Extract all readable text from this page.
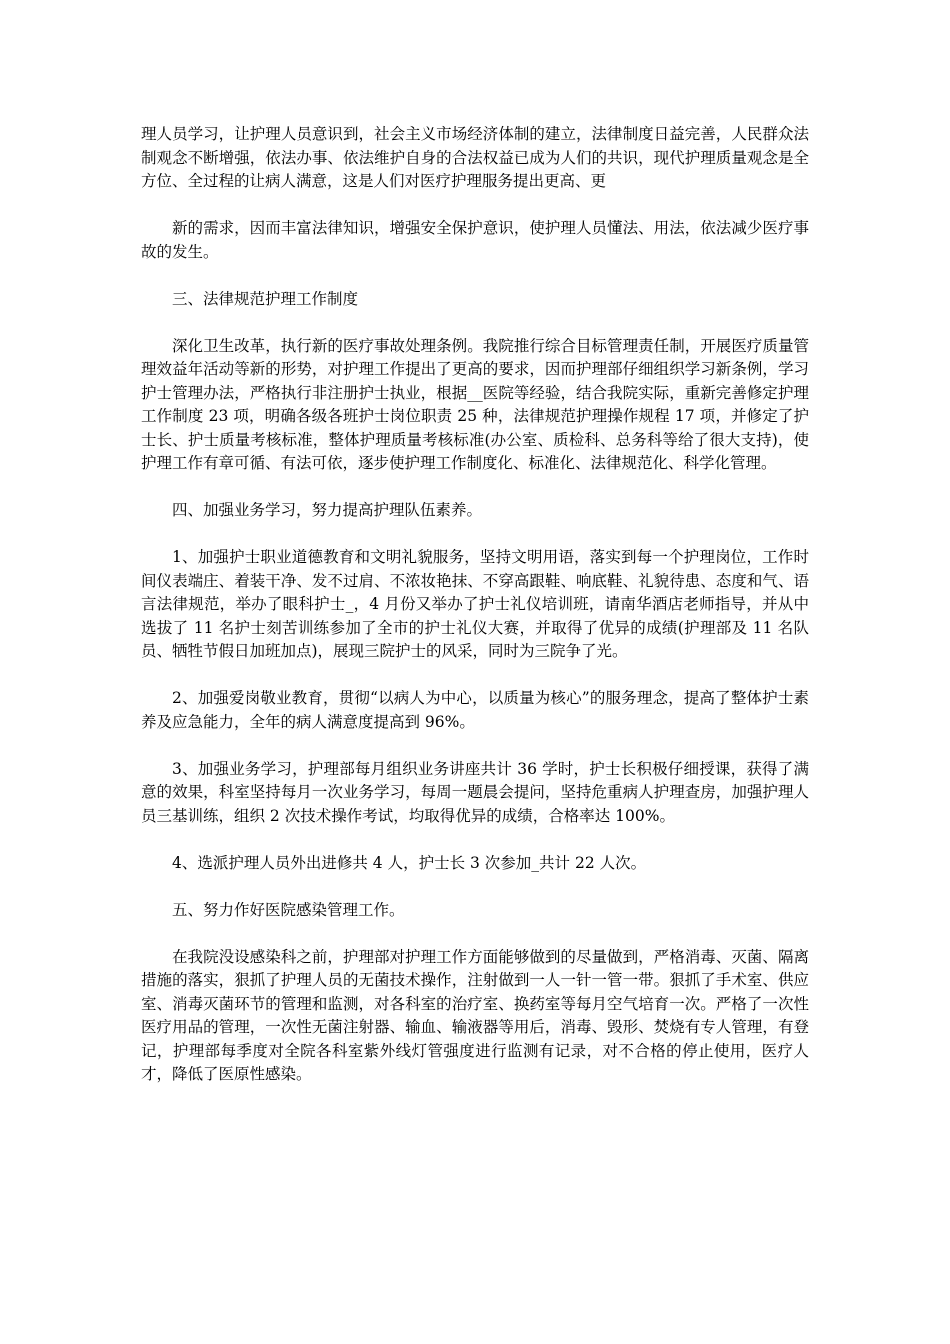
理人员学习，让护理人员意识到，社会主义市场经济体制的建立，法律制度日益完善，人民群众法制观念不断增强，依法办事、依法维护自身的合法权益已成为人们的共识，现代护理质量观念是全方位、全过程的让病人满意，这是人们对医疗护理服务提出更高、更

新的需求，因而丰富法律知识，增强安全保护意识，使护理人员懂法、用法，依法减少医疗事故的发生。

三、法律规范护理工作制度

深化卫生改革，执行新的医疗事故处理条例。我院推行综合目标管理责任制，开展医疗质量管理效益年活动等新的形势，对护理工作提出了更高的要求，因而护理部仔细组织学习新条例，学习护士管理办法，严格执行非注册护士执业，根据__医院等经验，结合我院实际，重新完善修定护理工作制度 23 项，明确各级各班护士岗位职责 25 种，法律规范护理操作规程 17 项，并修定了护士长、护士质量考核标准，整体护理质量考核标准(办公室、质检科、总务科等给了很大支持)，使护理工作有章可循、有法可依，逐步使护理工作制度化、标准化、法律规范化、科学化管理。

四、加强业务学习，努力提高护理队伍素养。

1、加强护士职业道德教育和文明礼貌服务，坚持文明用语，落实到每一个护理岗位，工作时间仪表端庄、着装干净、发不过肩、不浓妆艳抹、不穿高跟鞋、响底鞋、礼貌待患、态度和气、语言法律规范，举办了眼科护士_，4 月份又举办了护士礼仪培训班，请南华酒店老师指导，并从中选拔了 11 名护士刻苦训练参加了全市的护士礼仪大赛，并取得了优异的成绩(护理部及 11 名队员、牺牲节假日加班加点)，展现三院护士的风采，同时为三院争了光。

2、加强爱岗敬业教育，贯彻“以病人为中心，以质量为核心”的服务理念，提高了整体护士素养及应急能力，全年的病人满意度提高到 96%。

3、加强业务学习，护理部每月组织业务讲座共计 36 学时，护士长积极仔细授课，获得了满意的效果，科室坚持每月一次业务学习，每周一题晨会提问，坚持危重病人护理查房，加强护理人员三基训练，组织 2 次技术操作考试，均取得优异的成绩，合格率达 100%。

4、选派护理人员外出进修共 4 人，护士长 3 次参加_共计 22 人次。

五、努力作好医院感染管理工作。

在我院没设感染科之前，护理部对护理工作方面能够做到的尽量做到，严格消毒、灭菌、隔离措施的落实，狠抓了护理人员的无菌技术操作，注射做到一人一针一管一带。狠抓了手术室、供应室、消毒灭菌环节的管理和监测，对各科室的治疗室、换药室等每月空气培育一次。严格了一次性医疗用品的管理，一次性无菌注射器、输血、输液器等用后，消毒、毁形、焚烧有专人管理，有登记，护理部每季度对全院各科室紫外线灯管强度进行监测有记录，对不合格的停止使用，医疗人才，降低了医原性感染。
